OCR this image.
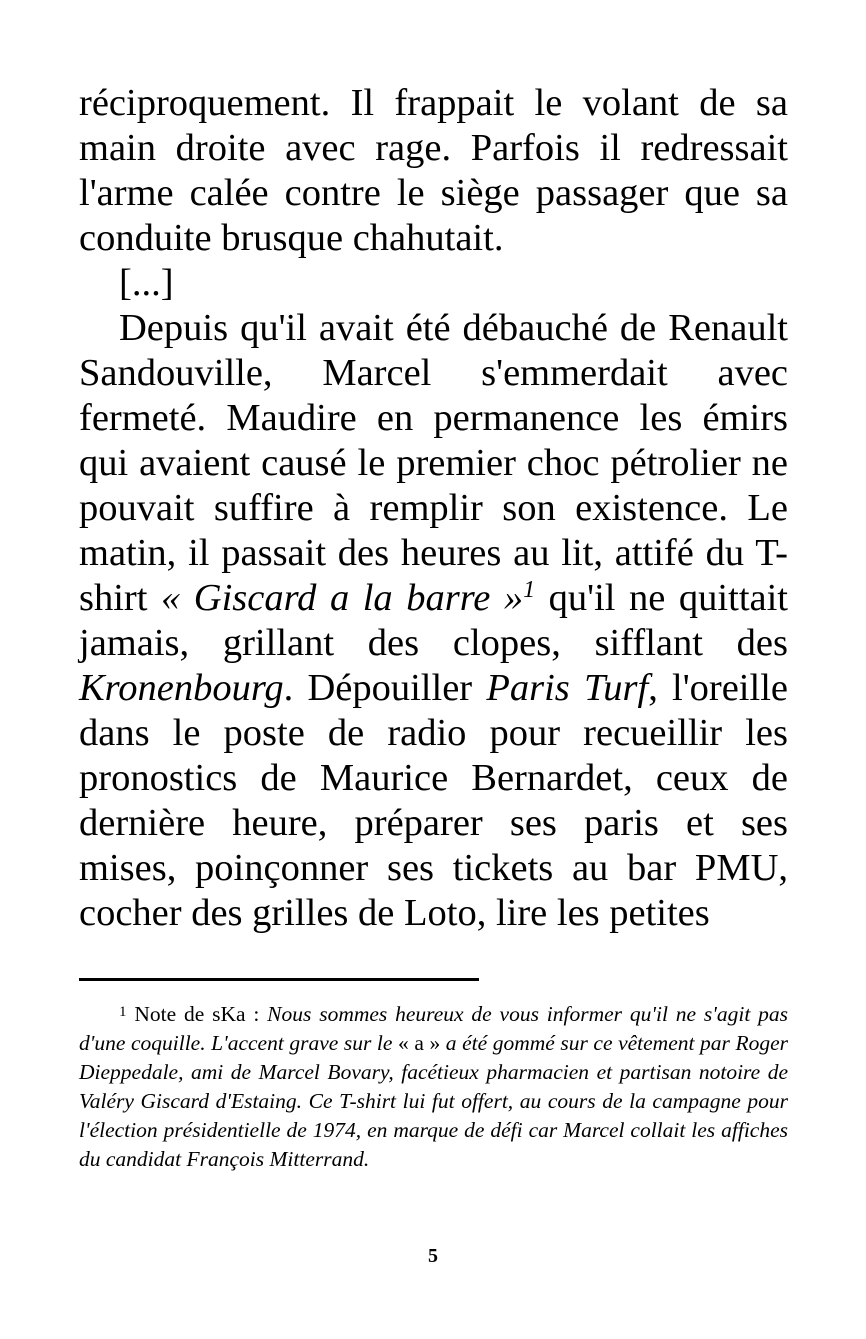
réciproquement. Il frappait le volant de sa main droite avec rage. Parfois il redressait l'arme calée contre le siège passager que sa conduite brusque chahutait.

[...]

Depuis qu'il avait été débauché de Renault Sandouville, Marcel s'emmerdait avec fermeté. Maudire en permanence les émirs qui avaient causé le premier choc pétrolier ne pouvait suffire à remplir son existence. Le matin, il passait des heures au lit, attifé du T-shirt « Giscard a la barre »$^1$ qu'il ne quittait jamais, grillant des clopes, sifflant des Kronenbourg. Dépouiller Paris Turf, l'oreille dans le poste de radio pour recueillir les pronostics de Maurice Bernardet, ceux de dernière heure, préparer ses paris et ses mises, poinçonner ses tickets au bar PMU, cocher des grilles de Loto, lire les petites

$^1$ Note de sKa : Nous sommes heureux de vous informer qu'il ne s'agit pas d'une coquille. L'accent grave sur le « a » a été gommé sur ce vêtement par Roger Dieppedale, ami de Marcel Bovary, facétieux pharmacien et partisan notoire de Valéry Giscard d'Estaing. Ce T-shirt lui fut offert, au cours de la campagne pour l'élection présidentielle de 1974, en marque de défi car Marcel collait les affiches du candidat François Mitterrand.

5
